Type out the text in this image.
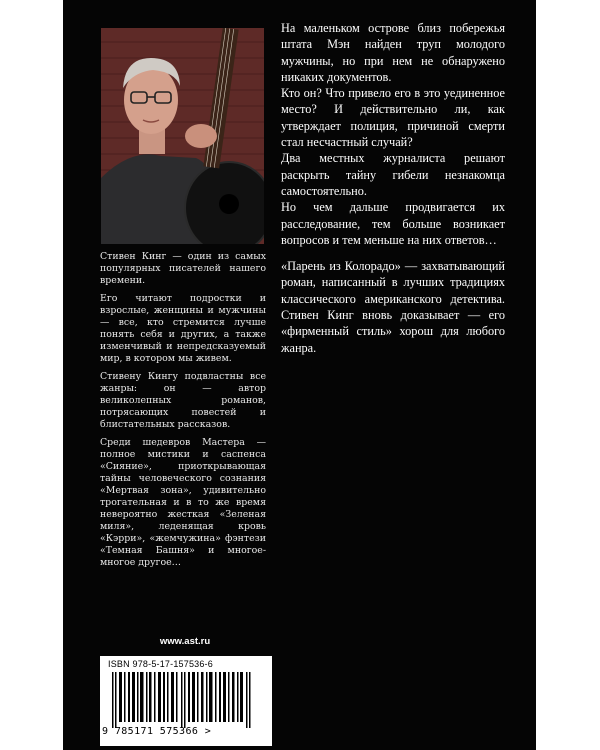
Стивен Кинг — один из самых популярных писателей нашего времени.

Его читают подростки и взрослые, женщины и мужчины — все, кто стремится лучше понять себя и других, а также изменчивый и непредсказуемый мир, в котором мы живем.

Стивену Кингу подвластны все жанры: он — автор великолепных романов, потрясающих повестей и блистательных рассказов.

Среди шедевров Мастера — полное мистики и саспенса «Сияние», приоткрывающая тайны человеческого сознания «Мертвая зона», удивительно трогательная и в то же время невероятно жесткая «Зеленая миля», леденящая кровь «Кэрри», «жемчужина» фэнтези «Темная Башня» и многое-многое другое…

На маленьком острове близ побережья штата Мэн найден труп молодого мужчины, но при нем не обнаружено никаких документов.

Кто он? Что привело его в это уединенное место? И действительно ли, как утверждает полиция, причиной смерти стал несчастный случай?

Два местных журналиста решают раскрыть тайну гибели незнакомца самостоятельно.

Но чем дальше продвигается их расследование, тем больше возникает вопросов и тем меньше на них ответов…

«Парень из Колорадо» — захватывающий роман, написанный в лучших традициях классического американского детектива. Стивен Кинг вновь доказывает — его «фирменный стиль» хорош для любого жанра.

www.ast.ru
ISBN 978-5-17-157536-6
9 785171 575366 >
